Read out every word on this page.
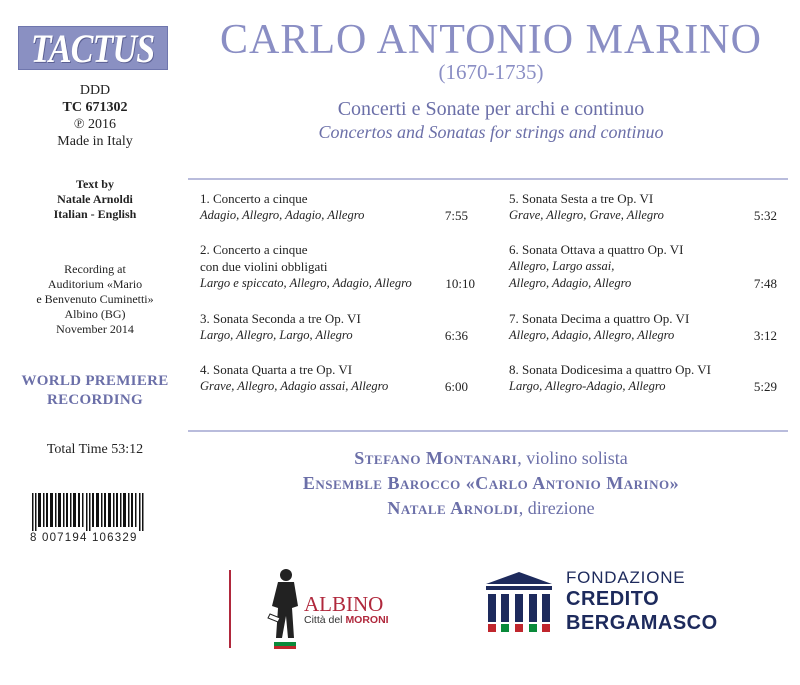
TACTUS
DDD
TC 671302
℗ 2016
Made in Italy
Text by
Natale Arnoldi
Italian - English
Recording at
Auditorium «Mario
e Benvenuto Cuminetti»
Albino (BG)
November 2014
WORLD PREMIERE
RECORDING
Total Time 53:12
8 007194 106329
CARLO ANTONIO MARINO
(1670-1735)
Concerti e Sonate per archi e continuo
Concertos and Sonatas for strings and continuo
1. Concerto a cinque
Adagio, Allegro, Adagio, Allegro	7:55
2. Concerto a cinque
con due violini obbligati
Largo e spiccato, Allegro, Adagio, Allegro	10:10
3. Sonata Seconda a tre Op. VI
Largo, Allegro, Largo, Allegro	6:36
4. Sonata Quarta a tre Op. VI
Grave, Allegro, Adagio assai, Allegro	6:00
5. Sonata Sesta a tre Op. VI
Grave, Allegro, Grave, Allegro	5:32
6. Sonata Ottava a quattro Op. VI
Allegro, Largo assai,
Allegro, Adagio, Allegro	7:48
7. Sonata Decima a quattro Op. VI
Allegro, Adagio, Allegro, Allegro	3:12
8. Sonata Dodicesima a quattro Op. VI
Largo, Allegro-Adagio, Allegro	5:29
Stefano Montanari, violino solista
Ensemble Barocco «Carlo Antonio Marino»
Natale Arnoldi, direzione
ALBINO
Città del MORONI
FONDAZIONE
CREDITO
BERGAMASCO
